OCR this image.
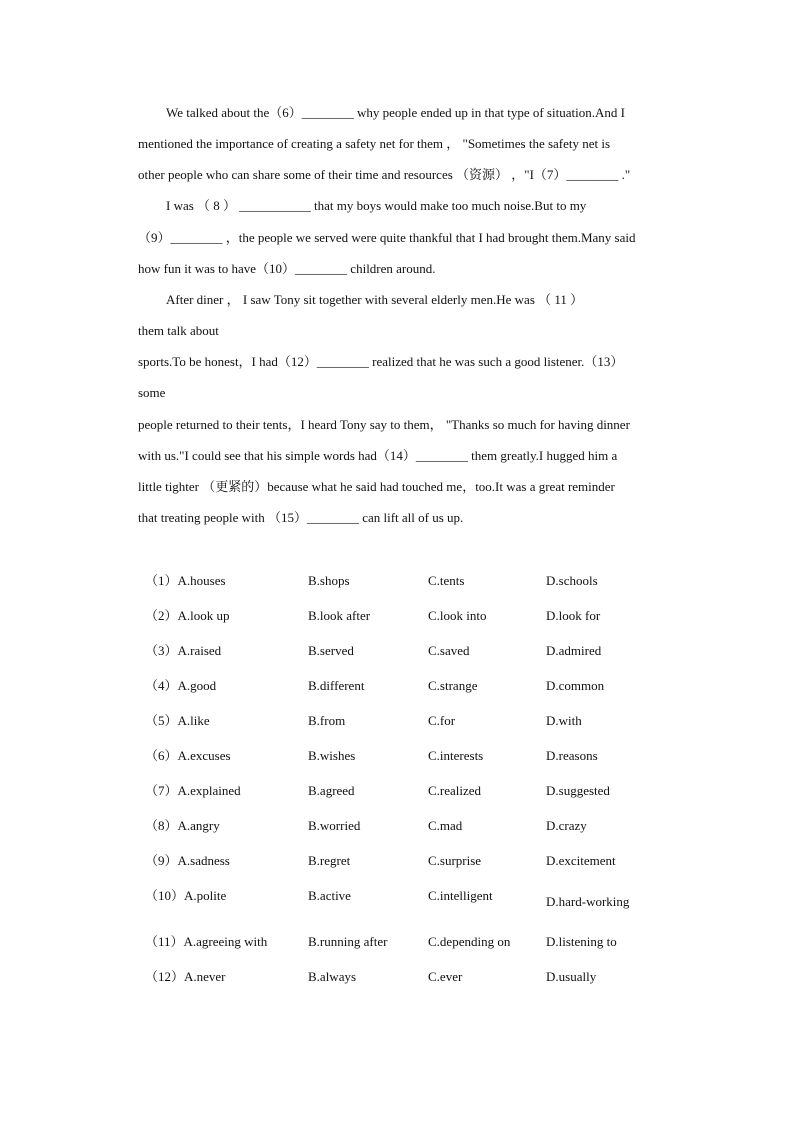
We talked about the（6）________ why people ended up in that type of situation.And I
mentioned the importance of creating a safety net for them ， "Sometimes the safety net is
other people who can share some of their time and resources （资源） ，"I（7）________ ."
I was （ 8 ） ___________ that my boys would make too much noise.But to my
（9）________ ，the people we served were quite thankful that I had brought them.Many said
how fun it was to have（10）________ children around.
After diner ， I saw Tony sit together with several elderly men.He was （ 11 ）
them talk about
sports.To be honest，I had（12）________ realized that he was such a good listener.（13）
some
people returned to their tents，I heard Tony say to them， "Thanks so much for having dinner
with us."I could see that his simple words had（14）________ them greatly.I hugged him a
little tighter （更紧的）because what he said had touched me，too.It was a great reminder
that treating people with （15）________ can lift all of us up.
（1）A.houses	B.shops	C.tents	D.schools
（2）A.look up	B.look after	C.look into	D.look for
（3）A.raised	B.served	C.saved	D.admired
（4）A.good	B.different	C.strange	D.common
（5）A.like	B.from	C.for	D.with
（6）A.excuses	B.wishes	C.interests	D.reasons
（7）A.explained	B.agreed	C.realized	D.suggested
（8）A.angry	B.worried	C.mad	D.crazy
（9）A.sadness	B.regret	C.surprise	D.excitement
（10）A.polite	B.active	C.intelligent	D.hard-working
（11）A.agreeing with	B.running after	C.depending on	D.listening to
（12）A.never	B.always	C.ever	D.usually
